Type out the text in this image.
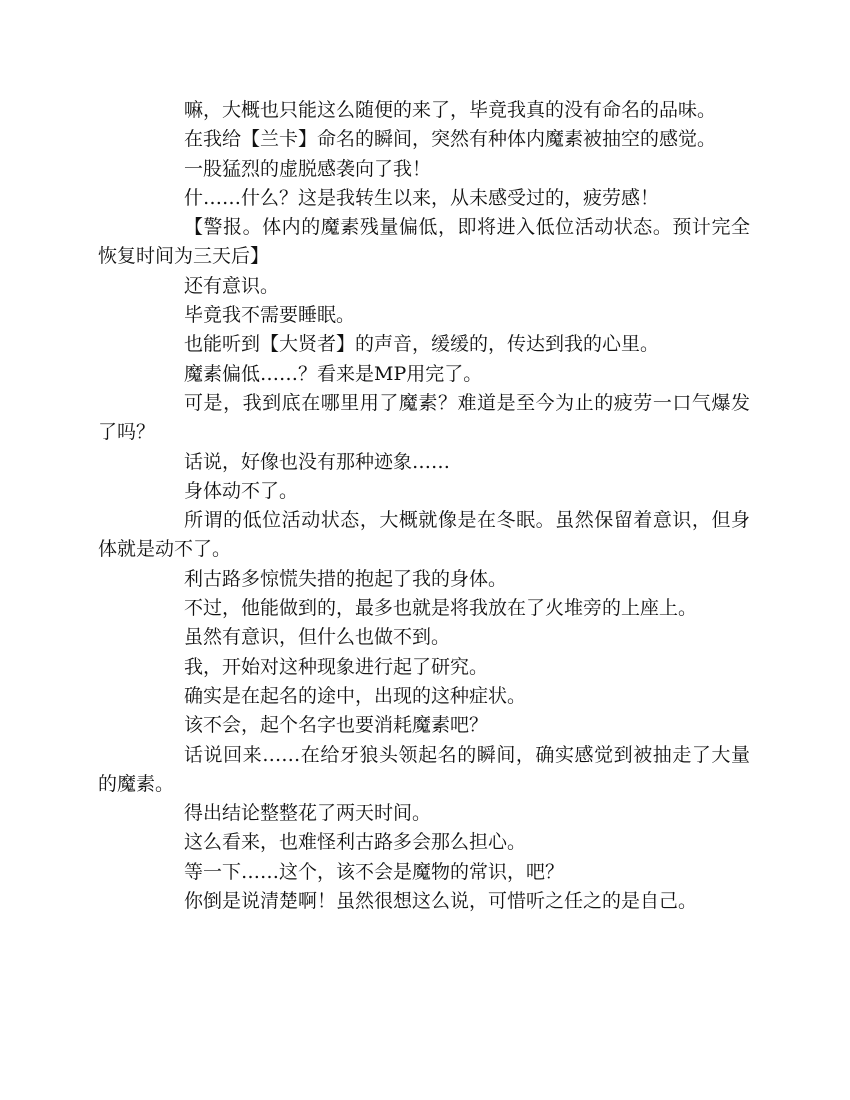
嘛，大概也只能这么随便的来了，毕竟我真的没有命名的品味。

在我给【兰卡】命名的瞬间，突然有种体内魔素被抽空的感觉。

一股猛烈的虚脱感袭向了我！

什……什么？这是我转生以来，从未感受过的，疲劳感！

【警报。体内的魔素残量偏低，即将进入低位活动状态。预计完全恢复时间为三天后】

还有意识。

毕竟我不需要睡眠。

也能听到【大贤者】的声音，缓缓的，传达到我的心里。

魔素偏低……？看来是MP用完了。

可是，我到底在哪里用了魔素？难道是至今为止的疲劳一口气爆发了吗？

话说，好像也没有那种迹象……

身体动不了。

所谓的低位活动状态，大概就像是在冬眠。虽然保留着意识，但身体就是动不了。

利古路多惊慌失措的抱起了我的身体。

不过，他能做到的，最多也就是将我放在了火堆旁的上座上。

虽然有意识，但什么也做不到。

我，开始对这种现象进行起了研究。

确实是在起名的途中，出现的这种症状。

该不会，起个名字也要消耗魔素吧？

话说回来……在给牙狼头领起名的瞬间，确实感觉到被抽走了大量的魔素。

得出结论整整花了两天时间。

这么看来，也难怪利古路多会那么担心。

等一下……这个，该不会是魔物的常识，吧？

你倒是说清楚啊！虽然很想这么说，可惜听之任之的是自己。
